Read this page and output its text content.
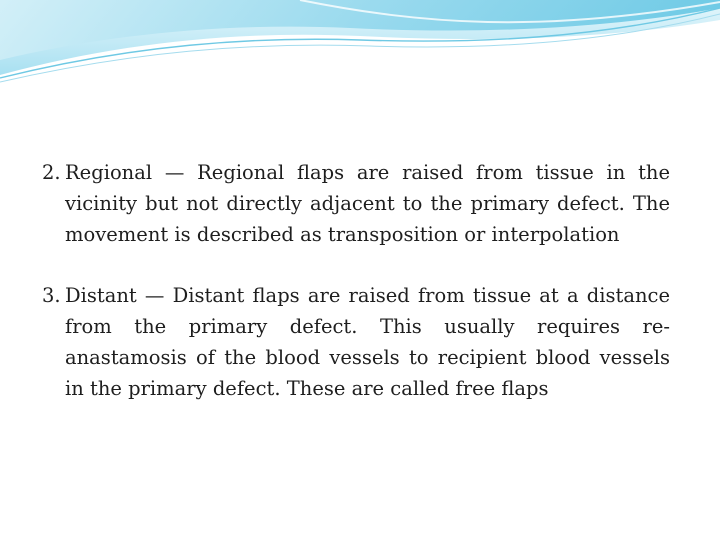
2. Regional — Regional flaps are raised from tissue in the vicinity but not directly adjacent to the primary defect. The movement is described as transposition or interpolation

3. Distant — Distant flaps are raised from tissue at a distance from the primary defect. This usually requires re-anastamosis of the blood vessels to recipient blood vessels in the primary defect. These are called free flaps
